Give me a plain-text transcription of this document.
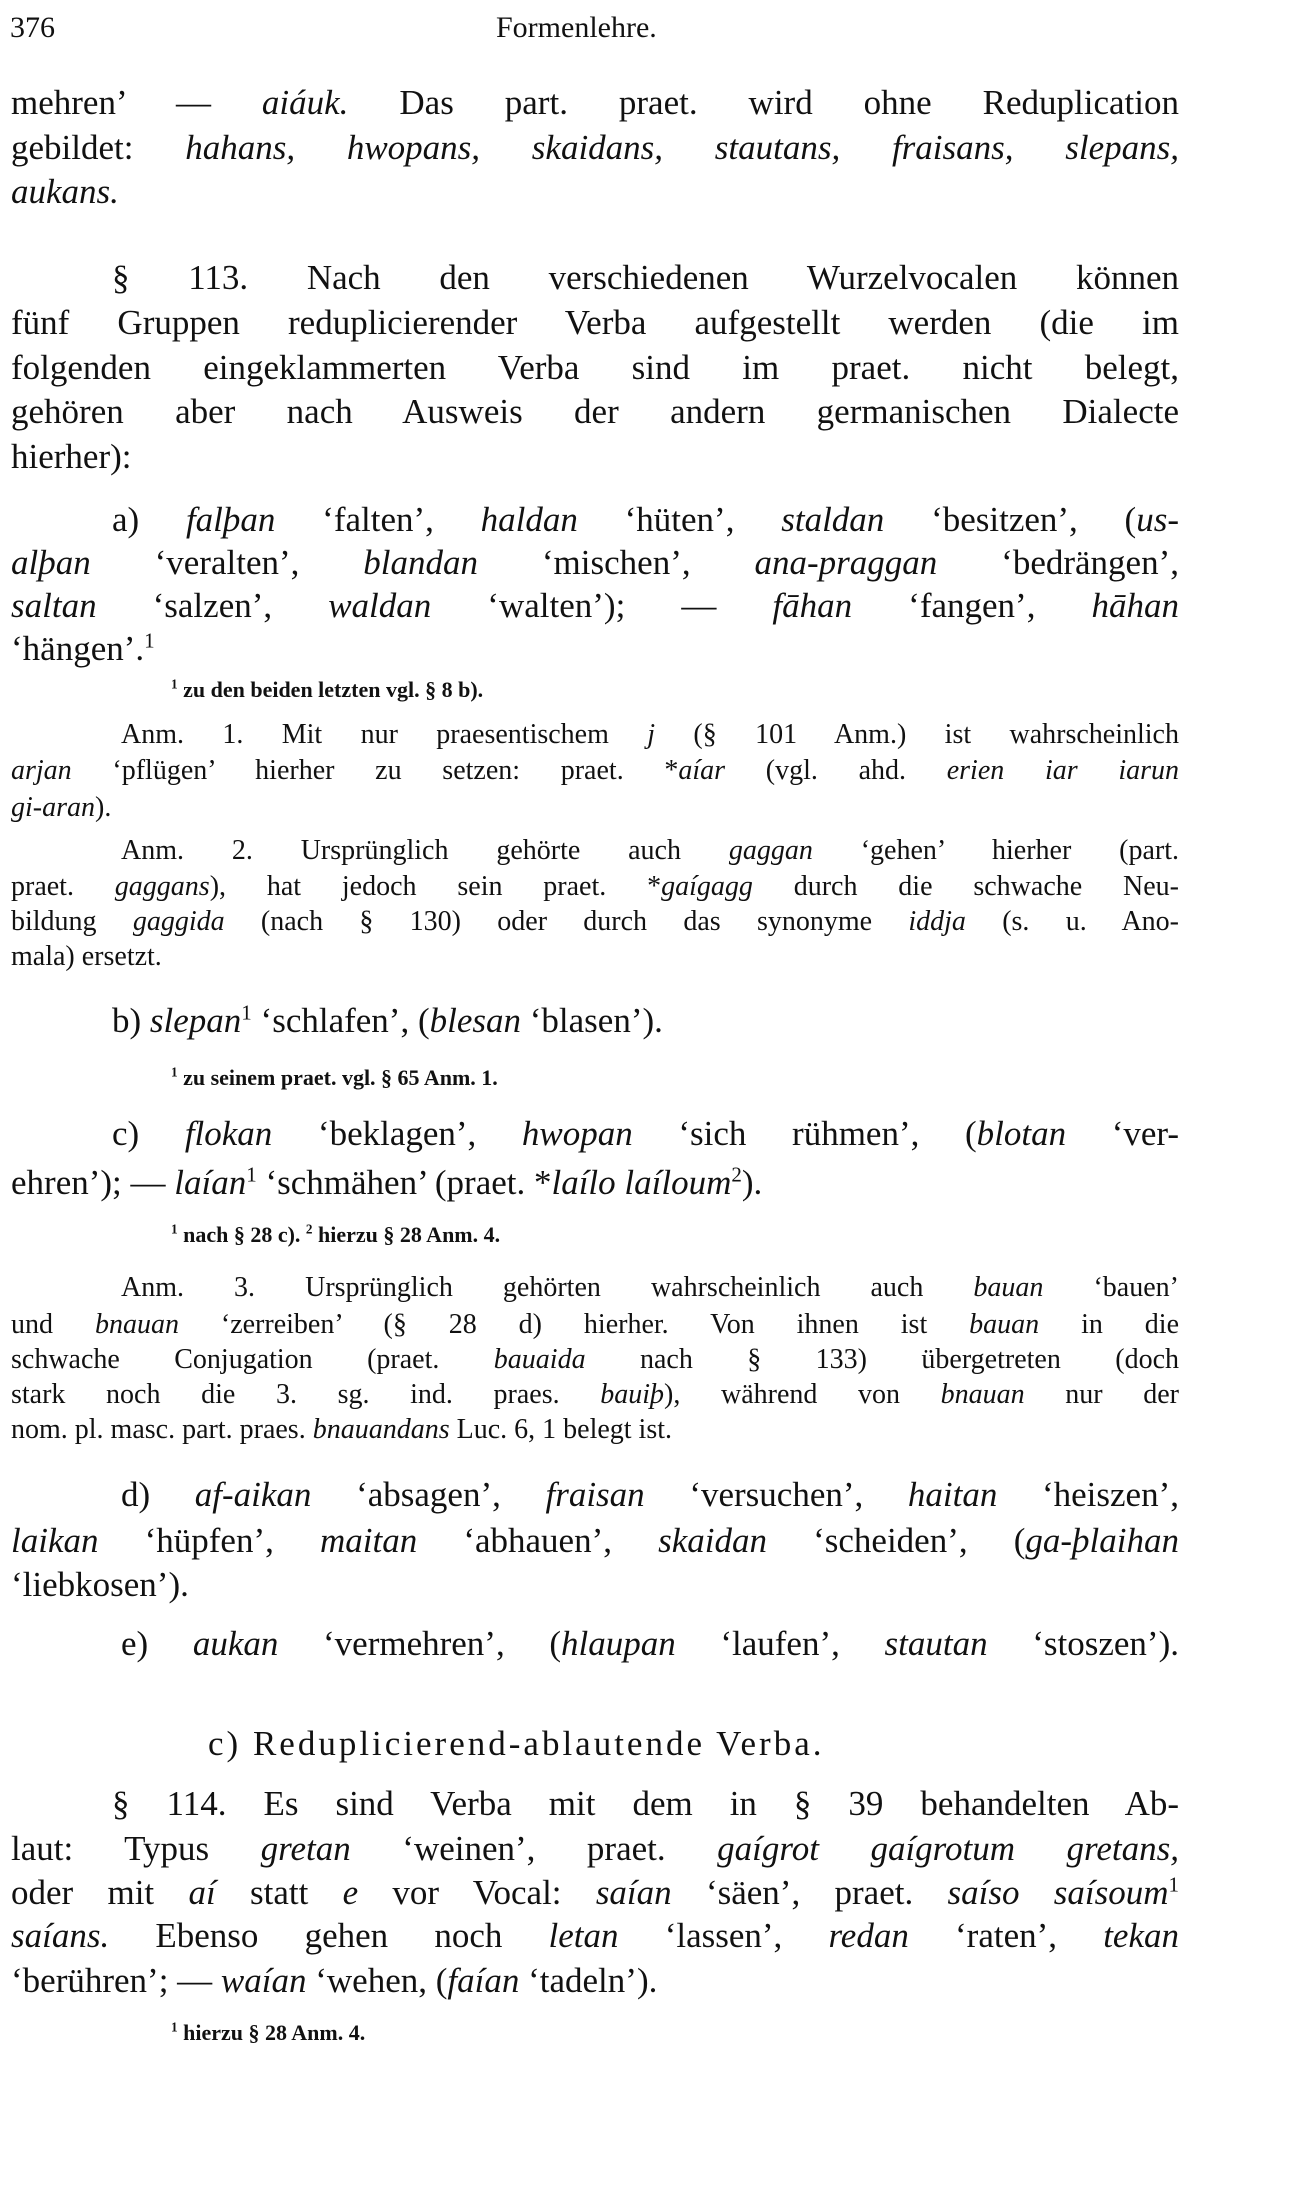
376	Formenlehre.
mehren’ — aiáuk. Das part. praet. wird ohne Reduplication
gebildet: hahans, hwopans, skaidans, stautans, fraisans, slepans,
aukans.
§ 113. Nach den verschiedenen Wurzelvocalen können
fünf Gruppen reduplicierender Verba aufgestellt werden (die im
folgenden eingeklammerten Verba sind im praet. nicht belegt,
gehören aber nach Ausweis der andern germanischen Dialecte
hierher):
a) falþan ‘falten’, haldan ‘hüten’, staldan ‘besitzen’, (us-
alþan ‘veralten’, blandan ‘mischen’, ana-praggan ‘bedrängen’,
saltan ‘salzen’, waldan ‘walten’); — fāhan ‘fangen’, hāhan
‘hängen’.$^1$
$^1$ zu den beiden letzten vgl. § 8 b).
Anm. 1. Mit nur praesentischem j (§ 101 Anm.) ist wahrscheinlich
arjan ‘pflügen’ hierher zu setzen: praet. *aíar (vgl. ahd. erien iar iarun
gi-aran).
Anm. 2. Ursprünglich gehörte auch gaggan ‘gehen’ hierher (part.
praet. gaggans), hat jedoch sein praet. *gaígagg durch die schwache Neu-
bildung gaggida (nach § 130) oder durch das synonyme iddja (s. u. Ano-
mala) ersetzt.
b) slepan$^1$ ‘schlafen’, (blesan ‘blasen’).
$^1$ zu seinem praet. vgl. § 65 Anm. 1.
c) flokan ‘beklagen’, hwopan ‘sich rühmen’, (blotan ‘ver-
ehren’); — laían$^1$ ‘schmähen’ (praet. *laílo laíloum$^2$).
$^1$ nach § 28 c). $^2$ hierzu § 28 Anm. 4.
Anm. 3. Ursprünglich gehörten wahrscheinlich auch bauan ‘bauen’
und bnauan ‘zerreiben’ (§ 28 d) hierher. Von ihnen ist bauan in die
schwache Conjugation (praet. bauaida nach § 133) übergetreten (doch
stark noch die 3. sg. ind. praes. bauiþ), während von bnauan nur der
nom. pl. masc. part. praes. bnauandans Luc. 6, 1 belegt ist.
d) af-aikan ‘absagen’, fraisan ‘versuchen’, haitan ‘heiszen’,
laikan ‘hüpfen’, maitan ‘abhauen’, skaidan ‘scheiden’, (ga-þlaihan
‘liebkosen’).
e) aukan ‘vermehren’, (hlaupan ‘laufen’, stautan ‘stoszen’).
c) Reduplicierend-ablautende Verba.
§ 114. Es sind Verba mit dem in § 39 behandelten Ab-
laut: Typus gretan ‘weinen’, praet. gaígrot gaígrotum gretans,
oder mit aí statt e vor Vocal: saían ‘säen’, praet. saíso saísoum$^1$
saíans. Ebenso gehen noch letan ‘lassen’, redan ‘raten’, tekan
‘berühren’; — waían ‘wehen, (faían ‘tadeln’).
$^1$ hierzu § 28 Anm. 4.
